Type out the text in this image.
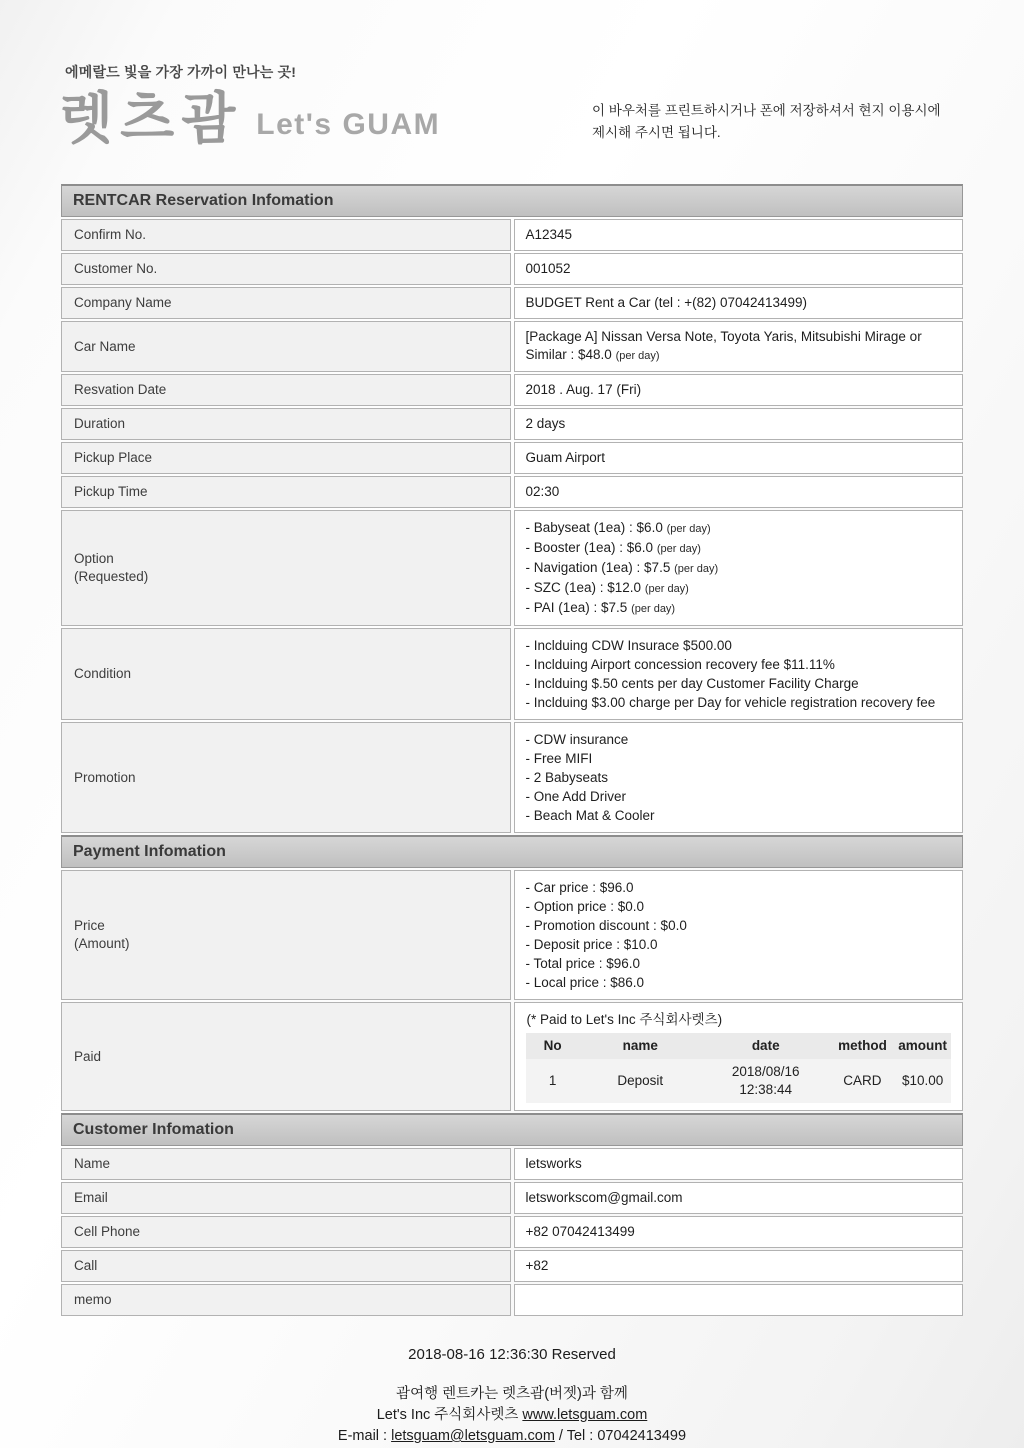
에메랄드 빛을 가장 가까이 만나는 곳!
렛츠괌 Let's GUAM	이 바우처를 프린트하시거나 폰에 저장하셔서 현지 이용시에 제시해 주시면 됩니다.
RENTCAR Reservation Infomation
Confirm No.	A12345
Customer No.	001052
Company Name	BUDGET Rent a Car (tel : +(82) 07042413499)
Car Name	[Package A] Nissan Versa Note, Toyota Yaris, Mitsubishi Mirage or Similar : $48.0 (per day)
Resvation Date	2018 . Aug. 17 (Fri)
Duration	2 days
Pickup Place	Guam Airport
Pickup Time	02:30

Option
(Requested)

- Babyseat (1ea) : $6.0 (per day)
- Booster (1ea) : $6.0 (per day)
- Navigation (1ea) : $7.5 (per day)
- SZC (1ea) : $12.0 (per day)
- PAI (1ea) : $7.5 (per day)

Condition	
- Inclduing CDW Insurace $500.00
- Inclduing Airport concession recovery fee $11.11%
- Inclduing $.50 cents per day Customer Facility Charge
- Inclduing $3.00 charge per Day for vehicle registration recovery fee

Promotion	
- CDW insurance
- Free MIFI
- 2 Babyseats
- One Add Driver
- Beach Mat & Cooler

Payment Infomation

Price
(Amount)

- Car price : $96.0
- Option price : $0.0
- Promotion discount : $0.0
- Deposit price : $10.0
- Total price : $96.0
- Local price : $86.0

Paid	
(* Paid to Let's Inc 주식회사렛츠)
No	name	date	method	amount
1	Deposit	2018/08/16 12:38:44	CARD	$10.00

Customer Infomation
Name	letsworks
Email	letsworkscom@gmail.com
Cell Phone	+82 07042413499
Call	+82
memo	
2018-08-16 12:36:30 Reserved
괌여행 렌트카는 렛츠괌(버젯)과 함께
Let's Inc 주식회사렛츠 www.letsguam.com
E-mail : letsguam@letsguam.com / Tel : 07042413499
